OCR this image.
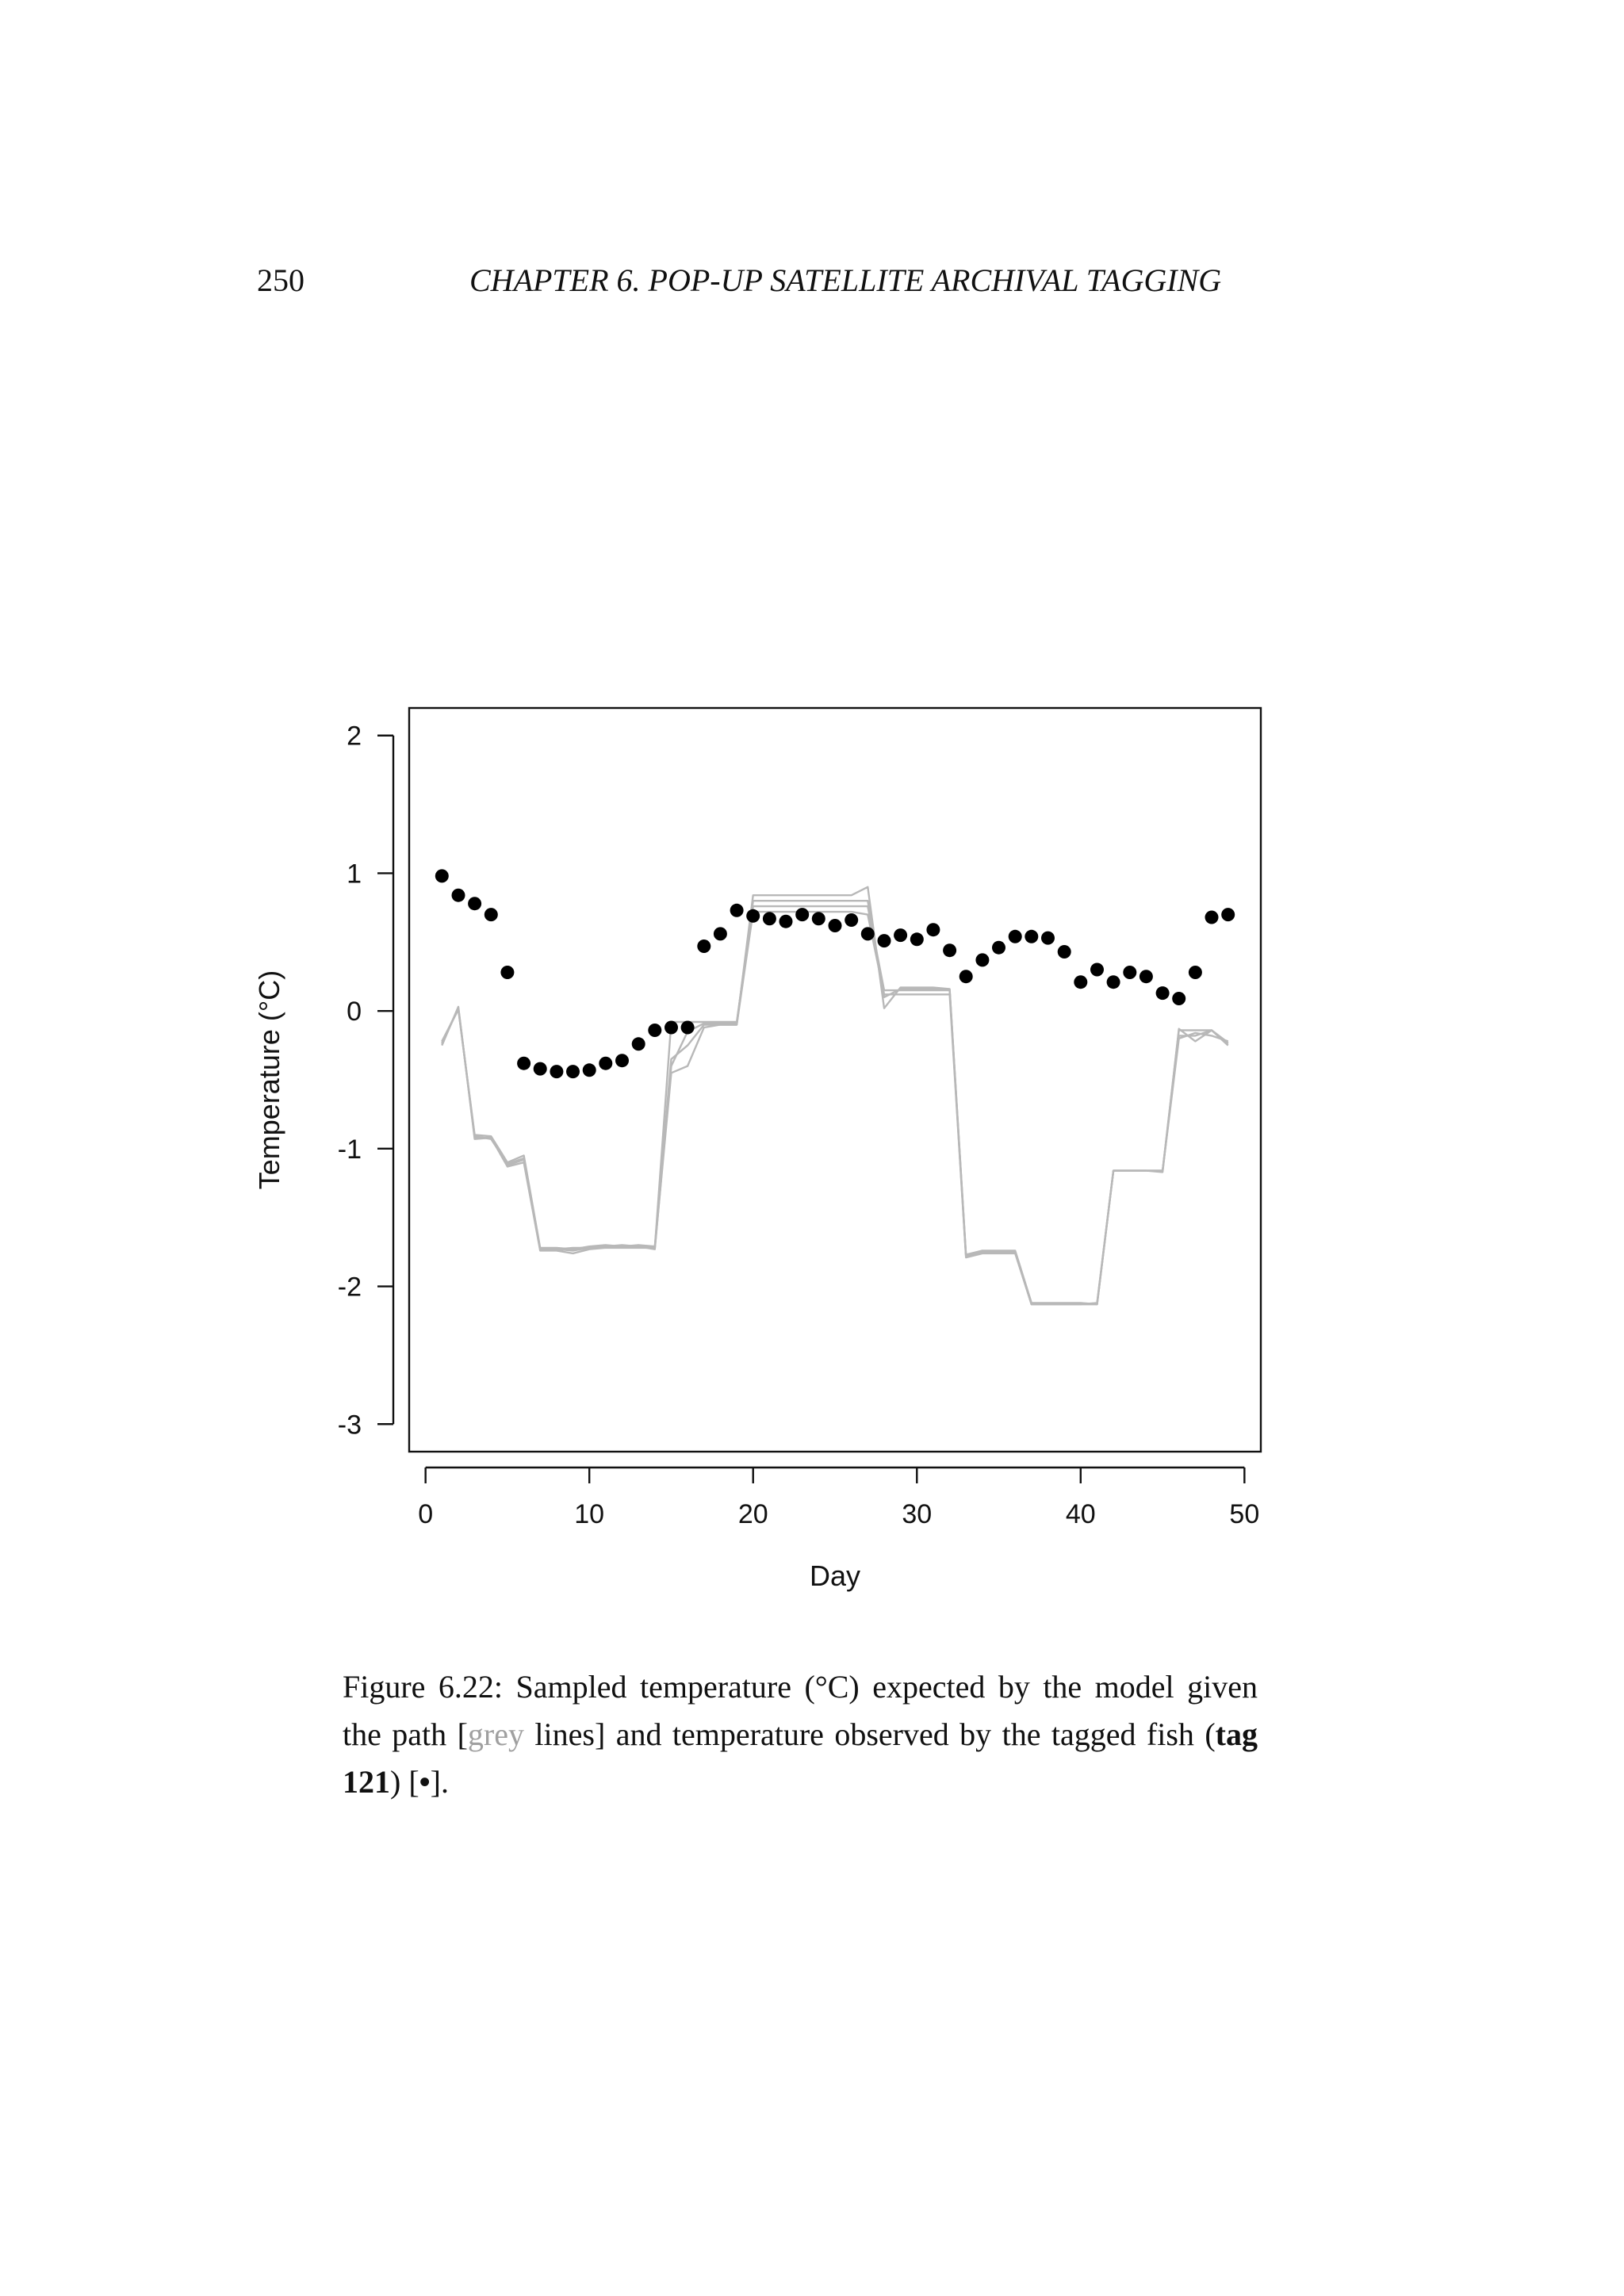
250	CHAPTER 6. POP-UP SATELLITE ARCHIVAL TAGGING
0	10	20	30	40	50
-3
-2
-1
0
1
2
Day
Temperature (°C)
Figure 6.22: Sampled temperature (°C) expected by the model given the path [grey lines] and temperature observed by the tagged fish (tag 121) [•].
